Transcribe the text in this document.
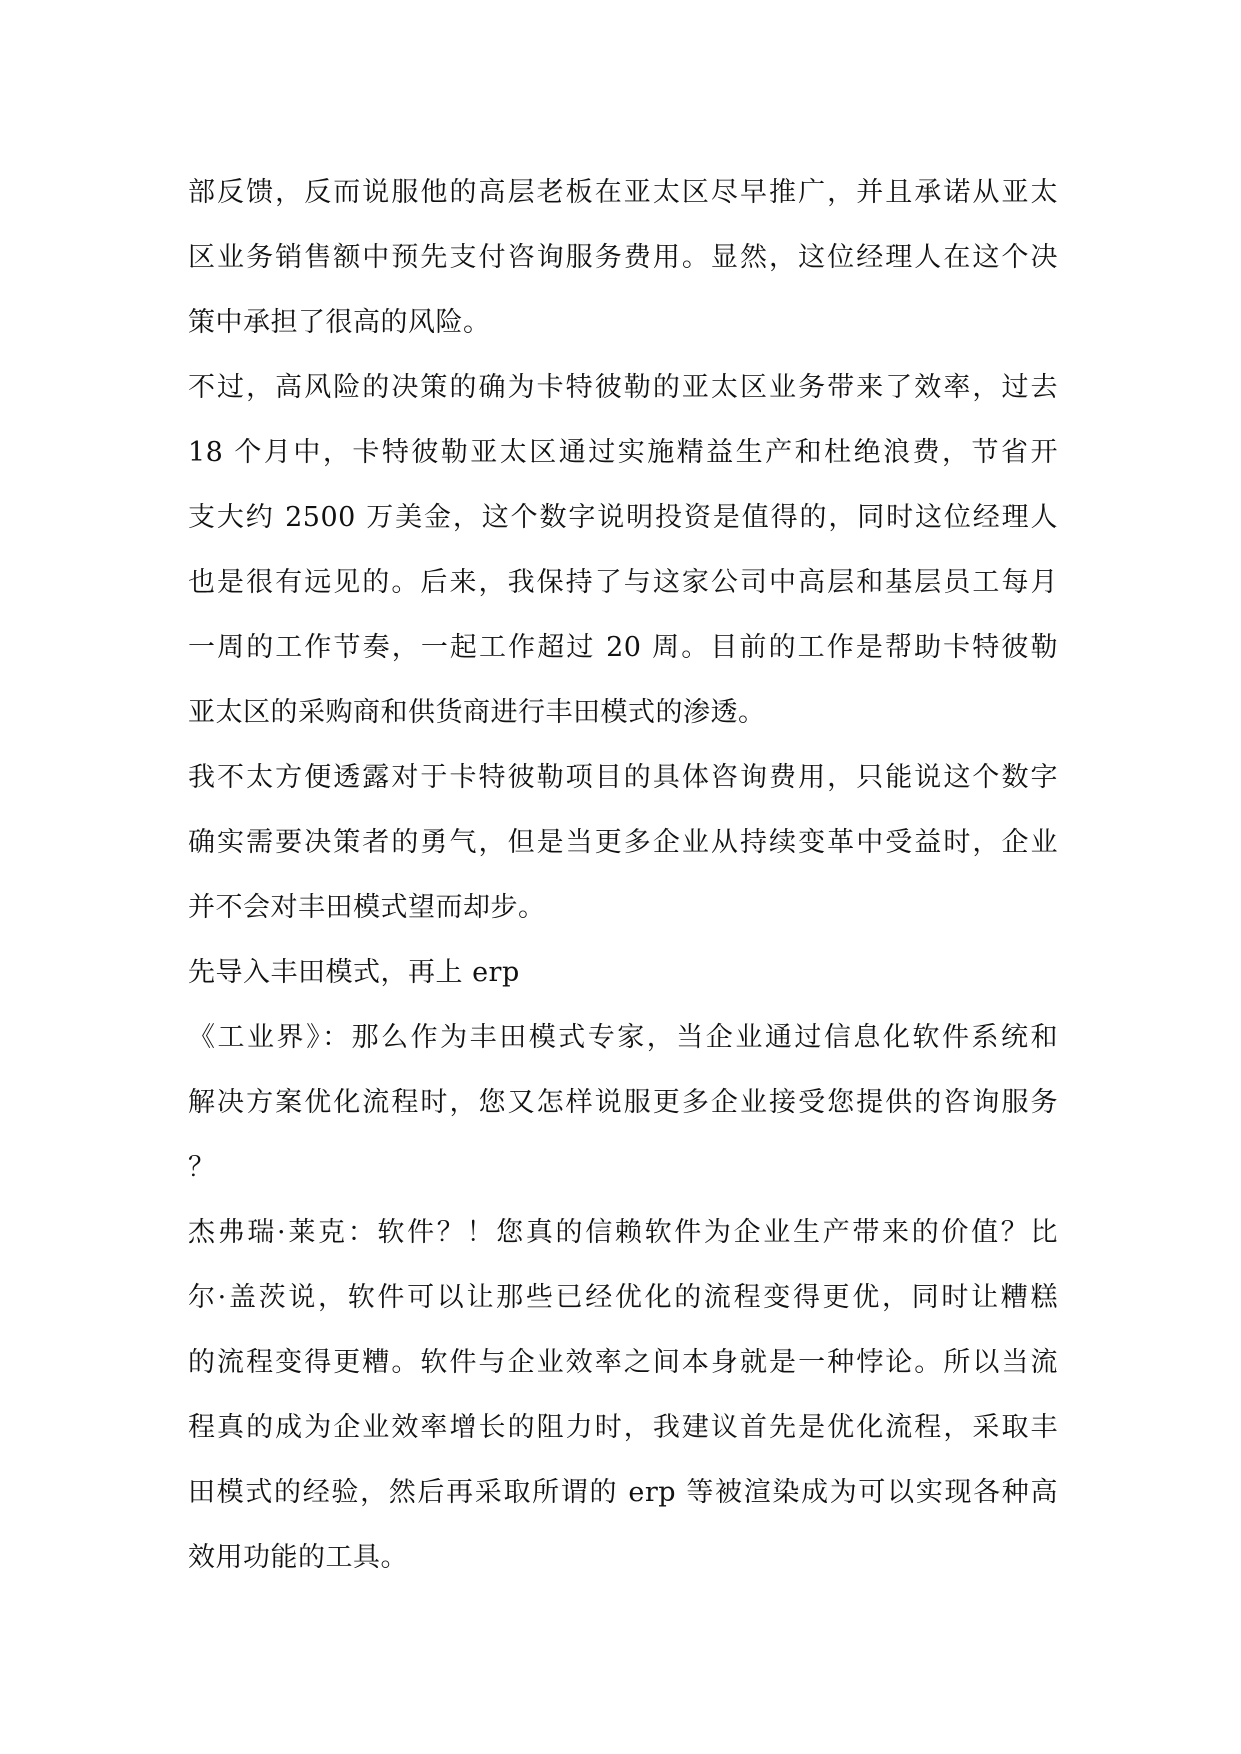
部反馈，反而说服他的高层老板在亚太区尽早推广，并且承诺从亚太
区业务销售额中预先支付咨询服务费用。显然，这位经理人在这个决
策中承担了很高的风险。
不过，高风险的决策的确为卡特彼勒的亚太区业务带来了效率，过去
18 个月中，卡特彼勒亚太区通过实施精益生产和杜绝浪费，节省开
支大约 2500 万美金，这个数字说明投资是值得的，同时这位经理人
也是很有远见的。后来，我保持了与这家公司中高层和基层员工每月
一周的工作节奏，一起工作超过 20 周。目前的工作是帮助卡特彼勒
亚太区的采购商和供货商进行丰田模式的渗透。
我不太方便透露对于卡特彼勒项目的具体咨询费用，只能说这个数字
确实需要决策者的勇气，但是当更多企业从持续变革中受益时，企业
并不会对丰田模式望而却步。
先导入丰田模式，再上 erp
《工业界》：那么作为丰田模式专家，当企业通过信息化软件系统和
解决方案优化流程时，您又怎样说服更多企业接受您提供的咨询服务
？
杰弗瑞·莱克：软件？！您真的信赖软件为企业生产带来的价值？比
尔·盖茨说，软件可以让那些已经优化的流程变得更优，同时让糟糕
的流程变得更糟。软件与企业效率之间本身就是一种悖论。所以当流
程真的成为企业效率增长的阻力时，我建议首先是优化流程，采取丰
田模式的经验，然后再采取所谓的 erp 等被渲染成为可以实现各种高
效用功能的工具。
